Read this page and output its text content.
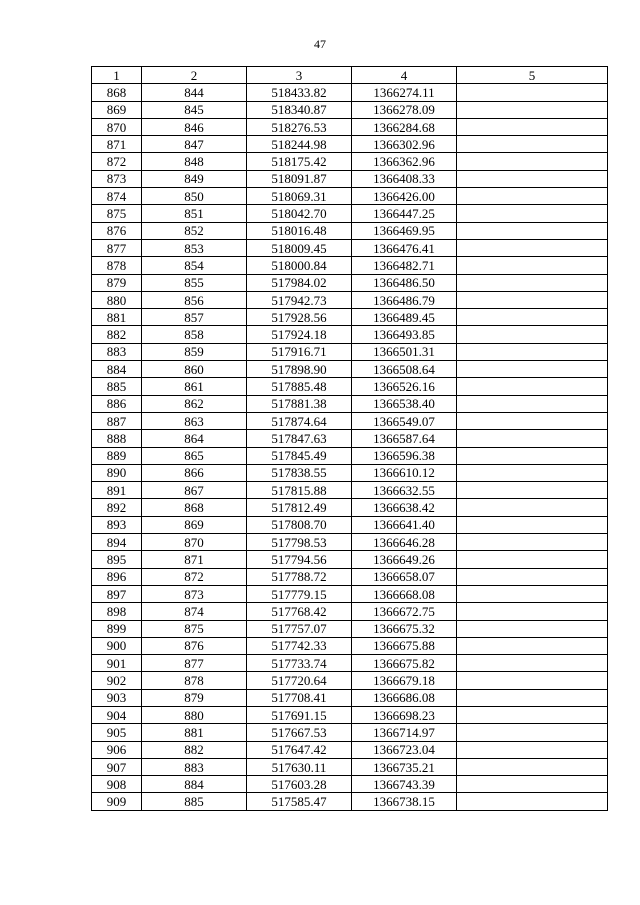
47
1	2	3	4	5
868	844	518433.82	1366274.11	
869	845	518340.87	1366278.09	
870	846	518276.53	1366284.68	
871	847	518244.98	1366302.96	
872	848	518175.42	1366362.96	
873	849	518091.87	1366408.33	
874	850	518069.31	1366426.00	
875	851	518042.70	1366447.25	
876	852	518016.48	1366469.95	
877	853	518009.45	1366476.41	
878	854	518000.84	1366482.71	
879	855	517984.02	1366486.50	
880	856	517942.73	1366486.79	
881	857	517928.56	1366489.45	
882	858	517924.18	1366493.85	
883	859	517916.71	1366501.31	
884	860	517898.90	1366508.64	
885	861	517885.48	1366526.16	
886	862	517881.38	1366538.40	
887	863	517874.64	1366549.07	
888	864	517847.63	1366587.64	
889	865	517845.49	1366596.38	
890	866	517838.55	1366610.12	
891	867	517815.88	1366632.55	
892	868	517812.49	1366638.42	
893	869	517808.70	1366641.40	
894	870	517798.53	1366646.28	
895	871	517794.56	1366649.26	
896	872	517788.72	1366658.07	
897	873	517779.15	1366668.08	
898	874	517768.42	1366672.75	
899	875	517757.07	1366675.32	
900	876	517742.33	1366675.88	
901	877	517733.74	1366675.82	
902	878	517720.64	1366679.18	
903	879	517708.41	1366686.08	
904	880	517691.15	1366698.23	
905	881	517667.53	1366714.97	
906	882	517647.42	1366723.04	
907	883	517630.11	1366735.21	
908	884	517603.28	1366743.39	
909	885	517585.47	1366738.15	
